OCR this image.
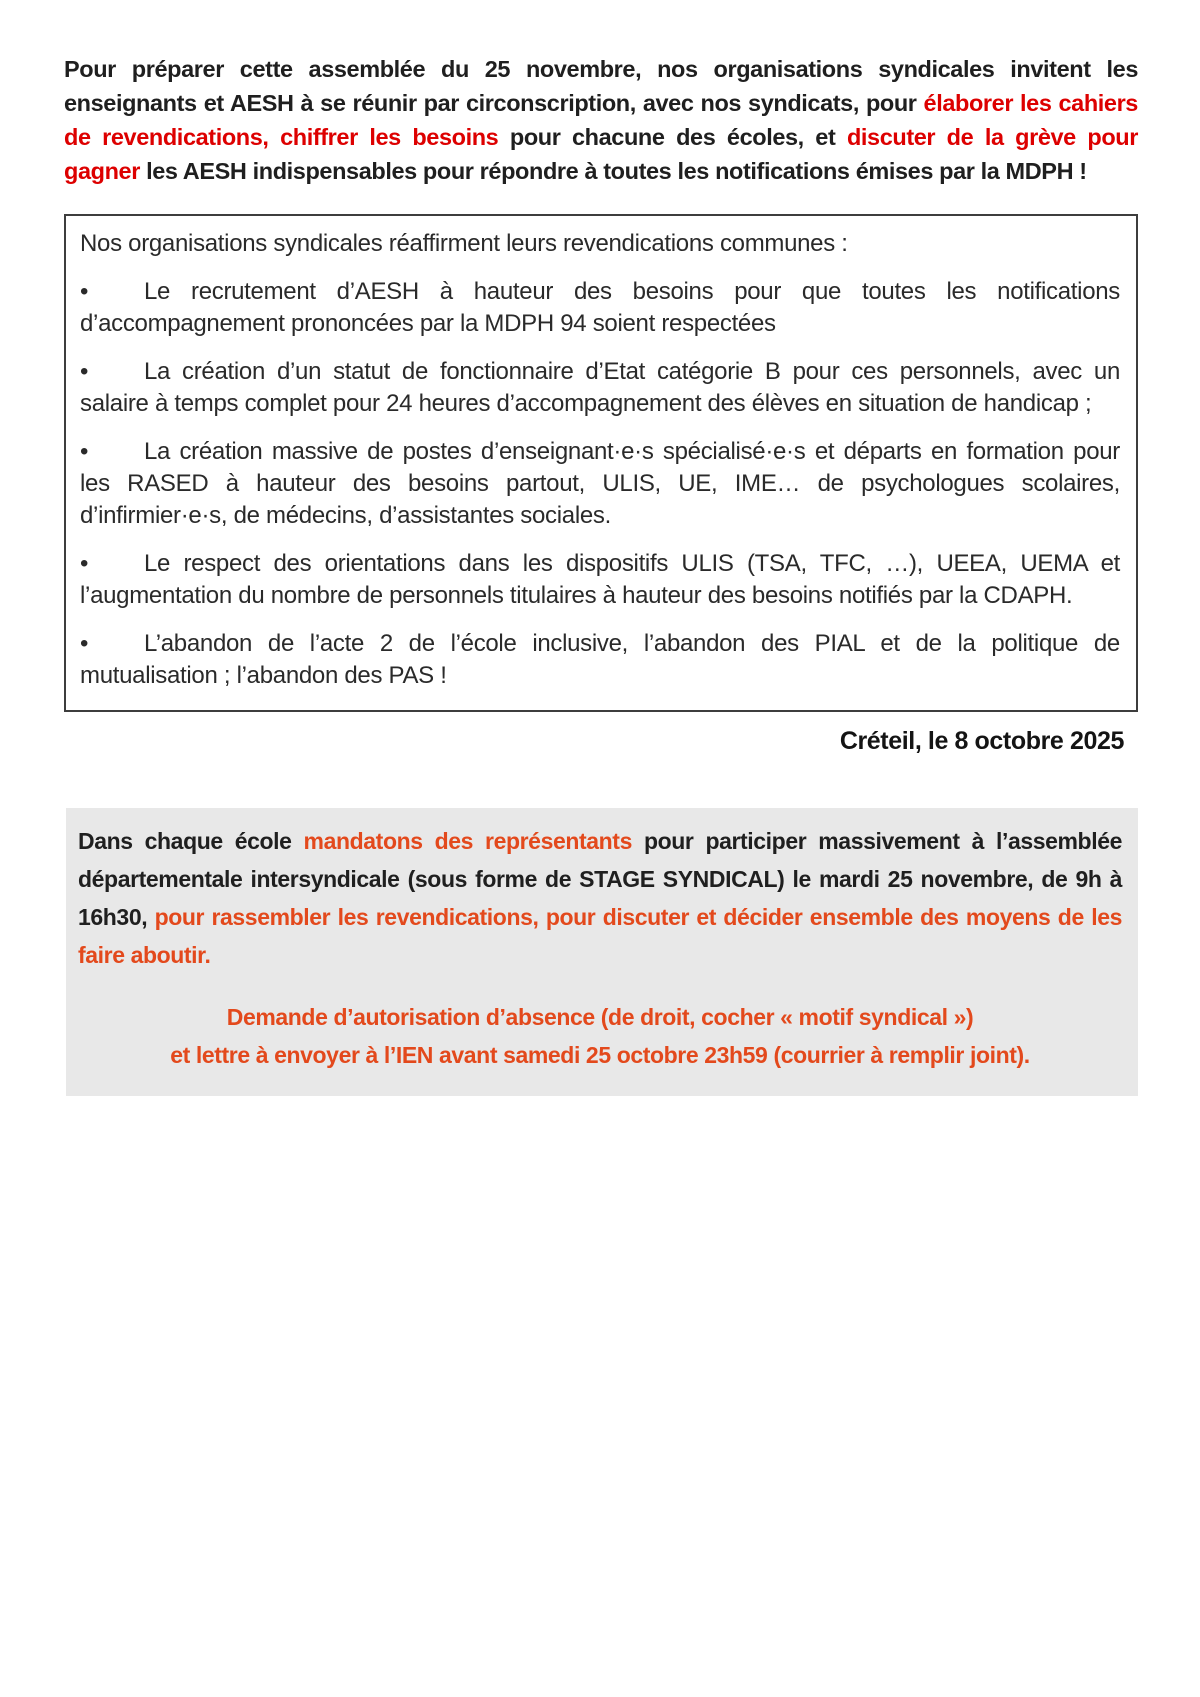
Pour préparer cette assemblée du 25 novembre, nos organisations syndicales invitent les enseignants et AESH à se réunir par circonscription, avec nos syndicats, pour élaborer les cahiers de revendications, chiffrer les besoins pour chacune des écoles, et discuter de la grève pour gagner les AESH indispensables pour répondre à toutes les notifications émises par la MDPH !

Nos organisations syndicales réaffirment leurs revendications communes :

• Le recrutement d’AESH à hauteur des besoins pour que toutes les notifications d’accompagnement prononcées par la MDPH 94 soient respectées

• La création d’un statut de fonctionnaire d’Etat catégorie B pour ces personnels, avec un salaire à temps complet pour 24 heures d’accompagnement des élèves en situation de handicap ;

• La création massive de postes d’enseignant·e·s spécialisé·e·s et départs en formation pour les RASED à hauteur des besoins partout, ULIS, UE, IME… de psychologues scolaires, d’infirmier·e·s, de médecins, d’assistantes sociales.

• Le respect des orientations dans les dispositifs ULIS (TSA, TFC, …), UEEA, UEMA et l’augmentation du nombre de personnels titulaires à hauteur des besoins notifiés par la CDAPH.

• L’abandon de l’acte 2 de l’école inclusive, l’abandon des PIAL et de la politique de mutualisation ; l’abandon des PAS !

Créteil, le 8 octobre 2025

Dans chaque école mandatons des représentants pour participer massivement à l’assemblée départementale intersyndicale (sous forme de STAGE SYNDICAL) le mardi 25 novembre, de 9h à 16h30, pour rassembler les revendications, pour discuter et décider ensemble des moyens de les faire aboutir.

Demande d’autorisation d’absence (de droit, cocher « motif syndical »)

et lettre à envoyer à l’IEN avant samedi 25 octobre 23h59 (courrier à remplir joint).
